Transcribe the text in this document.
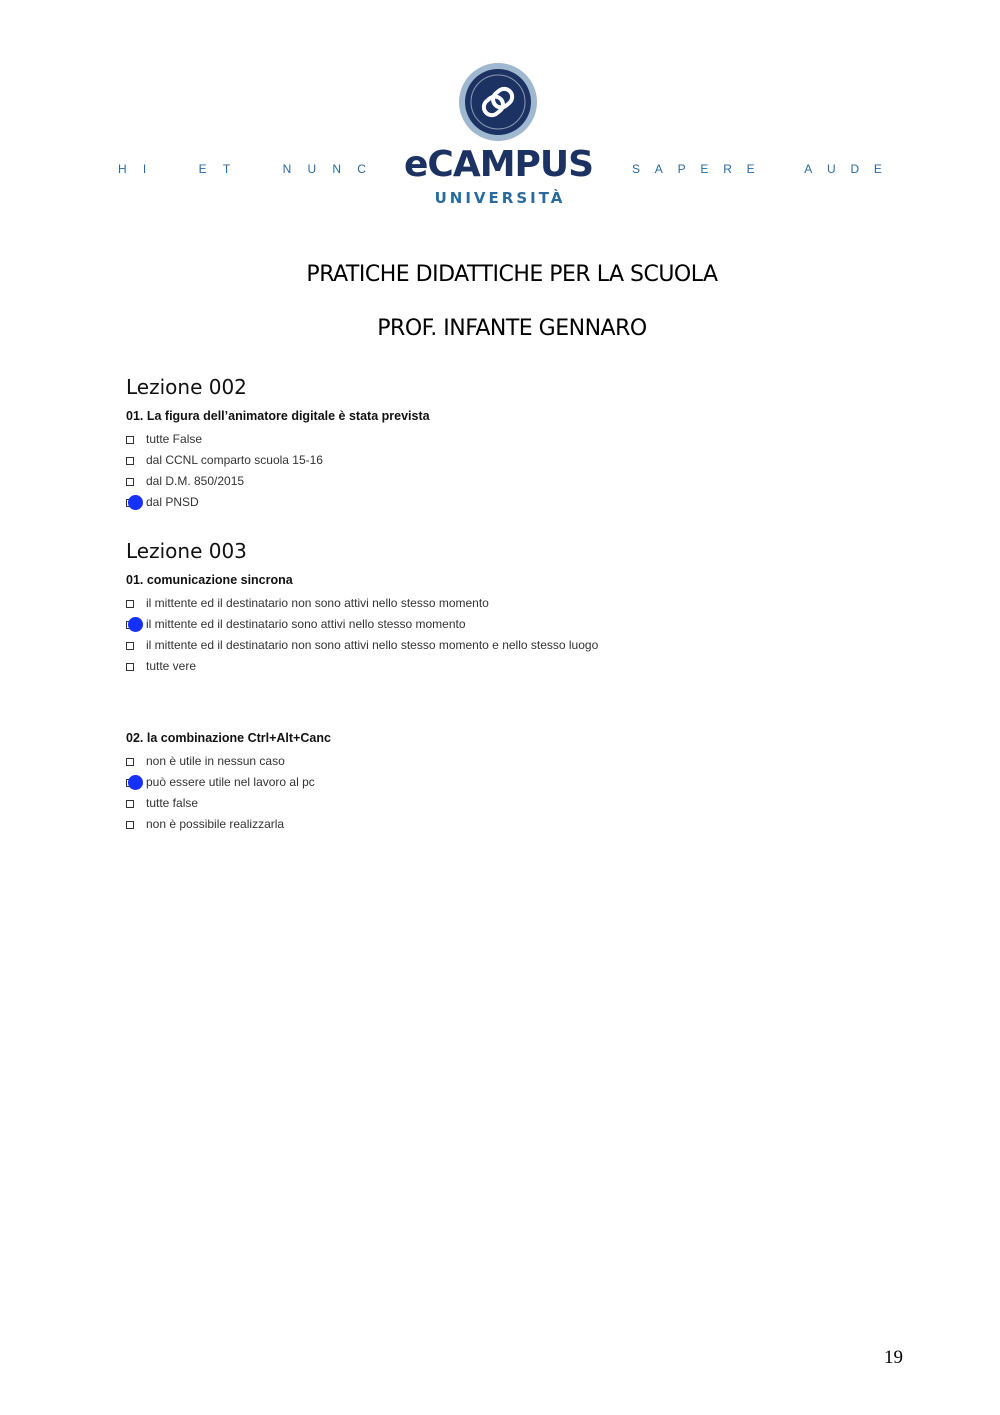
H I	E T	N U N C	S A P E R E	A U D E
eCAMPUS
UNIVERSITÀ
PRATICHE DIDATTICHE PER LA SCUOLA
PROF. INFANTE GENNARO
Lezione 002
01. La figura dell’animatore digitale è stata prevista
tutte False
dal CCNL comparto scuola 15-16
dal D.M. 850/2015
dal PNSD
Lezione 003
01. comunicazione sincrona
il mittente ed il destinatario non sono attivi nello stesso momento
il mittente ed il destinatario sono attivi nello stesso momento
il mittente ed il destinatario non sono attivi nello stesso momento e nello stesso luogo
tutte vere
02. la combinazione Ctrl+Alt+Canc
non è utile in nessun caso
può essere utile nel lavoro al pc
tutte false
non è possibile realizzarla
19
